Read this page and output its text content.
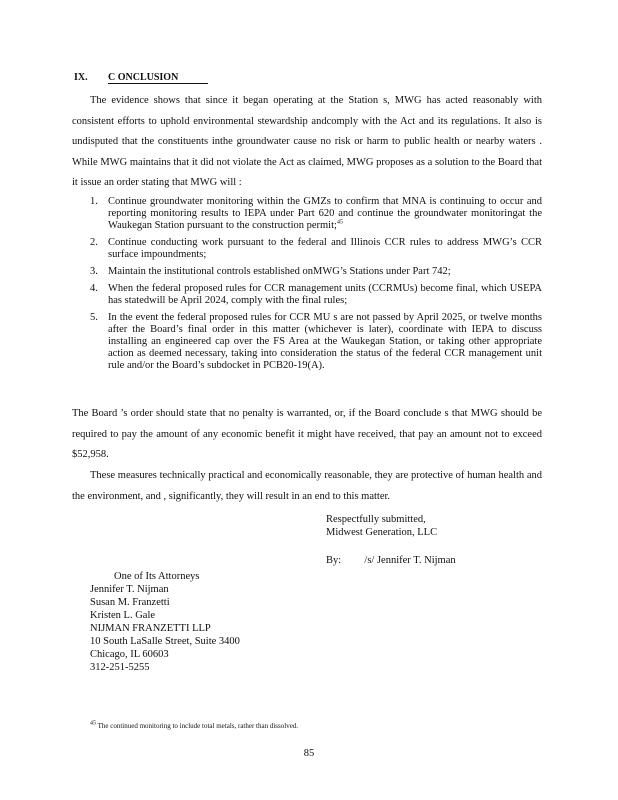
IX. C ONCLUSION

The evidence shows that since it began operating at the Station s, MWG has acted reasonably with consistent efforts to uphold environmental stewardship andcomply with the Act and its regulations. It also is undisputed that the constituents inthe groundwater cause no risk or harm to public health or nearby waters . While MWG maintains that it did not violate the Act as claimed, MWG proposes as a solution to the Board that it issue an order stating that MWG will :

1. Continue groundwater monitoring within the GMZs to confirm that MNA is continuing to occur and reporting monitoring results to IEPA under Part 620 and continue the groundwater monitoringat the Waukegan Station pursuant to the construction permit;$^{45}$
2. Continue conducting work pursuant to the federal and Illinois CCR rules to address MWG’s CCR surface impoundments;
3. Maintain the institutional controls established onMWG’s Stations under Part 742;
4. When the federal proposed rules for CCR management units (CCRMUs) become final, which USEPA has statedwill be April 2024, comply with the final rules;
5. In the event the federal proposed rules for CCR MU s are not passed by April 2025, or twelve months after the Board’s final order in this matter (whichever is later), coordinate with IEPA to discuss installing an engineered cap over the FS Area at the Waukegan Station, or taking other appropriate action as deemed necessary, taking into consideration the status of the federal CCR management unit rule and/or the Board’s subdocket in PCB20-19(A).

The Board ’s order should state that no penalty is warranted, or, if the Board conclude s that MWG should be required to pay the amount of any economic benefit it might have received, that pay an amount not to exceed $52,958.

These measures technically practical and economically reasonable, they are protective of human health and the environment, and , significantly, they will result in an end to this matter.

Respectfully submitted,
Midwest Generation, LLC
By: /s/ Jennifer T. Nijman
One of Its Attorneys
Jennifer T. Nijman
Susan M. Franzetti
Kristen L. Gale
NIJMAN FRANZETTI LLP
10 South LaSalle Street, Suite 3400
Chicago, IL 60603
312-251-5255
$^{45}$ The continued monitoring to include total metals, rather than dissolved.
85
